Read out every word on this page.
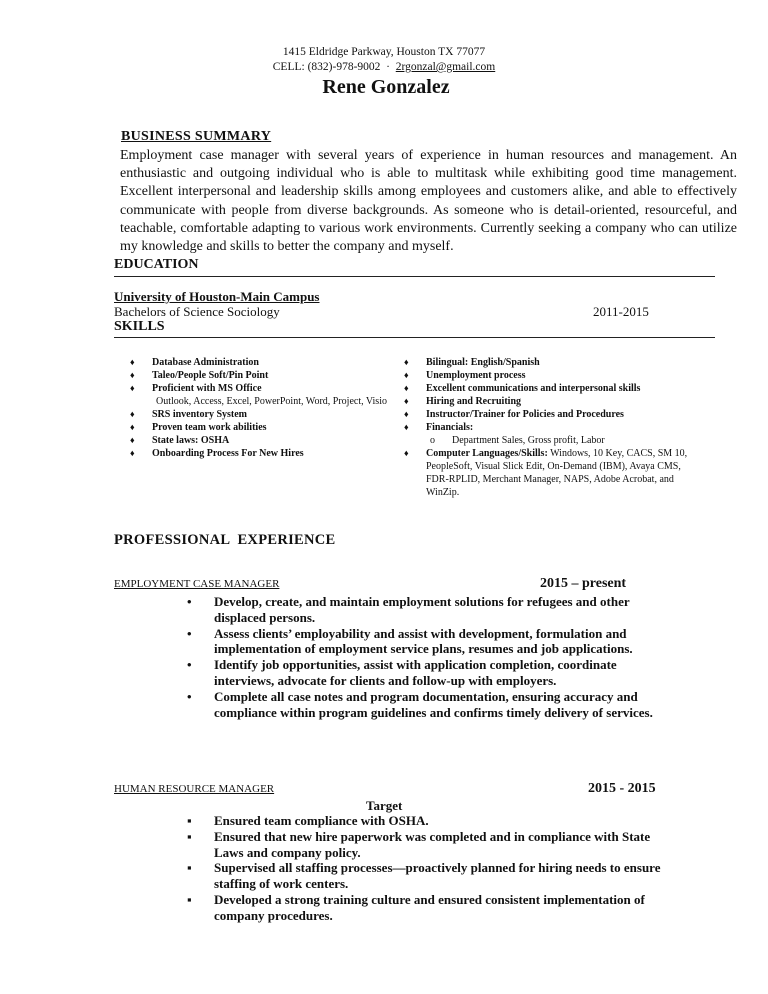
1415 Eldridge Parkway, Houston TX 77077
CELL: (832)-978-9002 · 2rgonzal@gmail.com
Rene Gonzalez
BUSINESS SUMMARY
Employment case manager with several years of experience in human resources and management. An enthusiastic and outgoing individual who is able to multitask while exhibiting good time management. Excellent interpersonal and leadership skills among employees and customers alike, and able to effectively communicate with people from diverse backgrounds. As someone who is detail-oriented, resourceful, and teachable, comfortable adapting to various work environments. Currently seeking a company who can utilize my knowledge and skills to better the company and myself.
EDUCATION
University of Houston-Main Campus
Bachelors of Science Sociology	2011-2015
SKILLS
♦ Database Administration
♦ Taleo/People Soft/Pin Point
♦ Proficient with MS Office
Outlook, Access, Excel, PowerPoint, Word, Project, Visio
♦ SRS inventory System
♦ Proven team work abilities
♦ State laws: OSHA
♦ Onboarding Process For New Hires
♦ Bilingual: English/Spanish
♦ Unemployment process
♦ Excellent communications and interpersonal skills
♦ Hiring and Recruiting
♦ Instructor/Trainer for Policies and Procedures
♦ Financials:
o Department Sales, Gross profit, Labor
♦ Computer Languages/Skills: Windows, 10 Key, CACS, SM 10, PeopleSoft, Visual Slick Edit, On-Demand (IBM), Avaya CMS, FDR-RPLID, Merchant Manager, NAPS, Adobe Acrobat, and WinZip.
PROFESSIONAL  EXPERIENCE
EMPLOYMENT CASE MANAGER	2015 – present
• Develop, create, and maintain employment solutions for refugees and other displaced persons.
• Assess clients’ employability and assist with development, formulation and implementation of employment service plans, resumes and job applications.
• Identify job opportunities, assist with application completion, coordinate interviews, advocate for clients and follow-up with employers.
• Complete all case notes and program documentation, ensuring accuracy and compliance within program guidelines and confirms timely delivery of services.
HUMAN RESOURCE MANAGER	2015 - 2015
Target
▪ Ensured team compliance with OSHA.
▪ Ensured that new hire paperwork was completed and in compliance with State Laws and company policy.
▪ Supervised all staffing processes—proactively planned for hiring needs to ensure staffing of work centers.
▪ Developed a strong training culture and ensured consistent implementation of company procedures.
